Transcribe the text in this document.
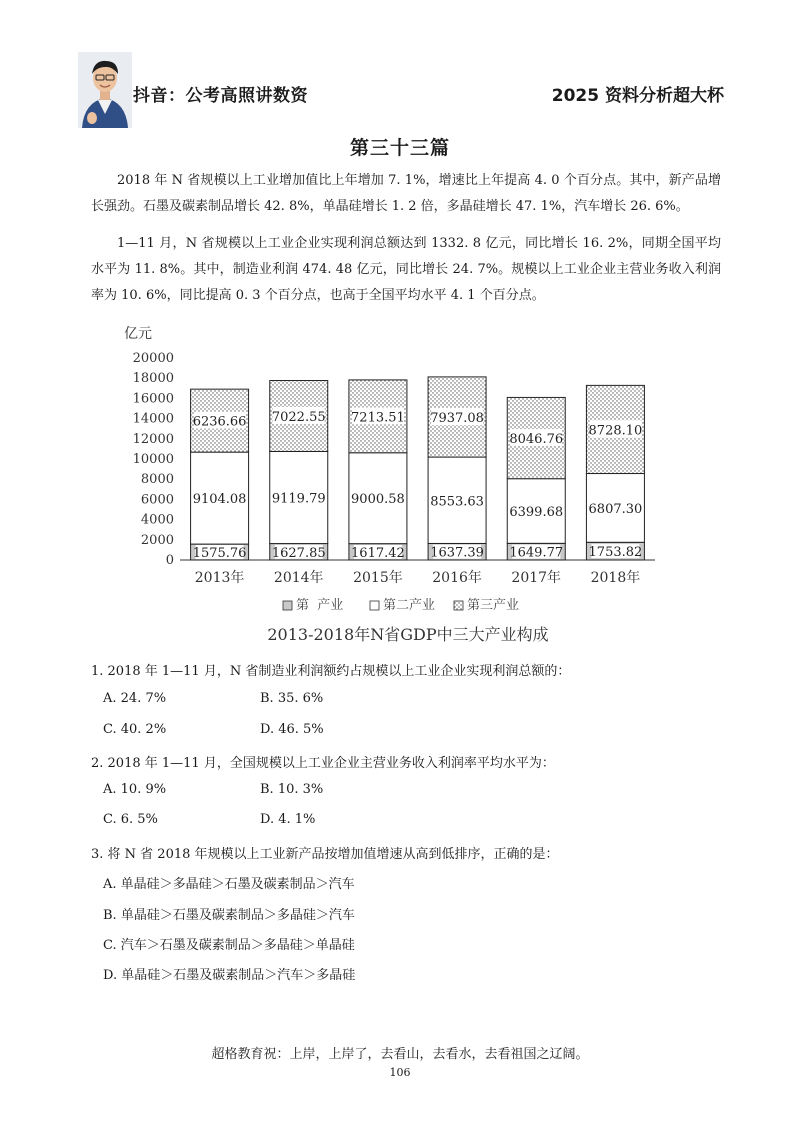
抖音：公考高照讲数资	2025 资料分析超大杯
第三十三篇
2018 年 N 省规模以上工业增加值比上年增加 7. 1%，增速比上年提高 4. 0 个百分点。其中，新产品增长强劲。石墨及碳素制品增长 42. 8%，单晶硅增长 1. 2 倍，多晶硅增长 47. 1%，汽车增长 26. 6%。
1—11 月，N 省规模以上工业企业实现利润总额达到 1332. 8 亿元，同比增长 16. 2%，同期全国平均水平为 11. 8%。其中，制造业利润 474. 48 亿元，同比增长 24. 7%。规模以上工业企业主营业务收入利润率为 10. 6%，同比提高 0. 3 个百分点，也高于全国平均水平 4. 1 个百分点。
亿元
0
2000
4000
6000
8000
10000
12000
14000
16000
18000
20000
1575.76
9104.08
6236.66
1627.85
9119.79
7022.55
1617.42
9000.58
7213.51
1637.39
8553.63
7937.08
1649.77
6399.68
8046.76
1753.82
6807.30
8728.10
2013年 2014年 2015年 2016年 2017年 2018年
第  产业	第二产业 第三产业
2013-2018年N省GDP中三大产业构成
1. 2018 年 1—11 月，N 省制造业利润额约占规模以上工业企业实现利润总额的：
A. 24. 7%	B. 35. 6%
C. 40. 2%	D. 46. 5%
2. 2018 年 1—11 月，全国规模以上工业企业主营业务收入利润率平均水平为：
A. 10. 9%	B. 10. 3%
C. 6. 5%	D. 4. 1%
3. 将 N 省 2018 年规模以上工业新产品按增加值增速从高到低排序，正确的是：
A. 单晶硅＞多晶硅＞石墨及碳素制品＞汽车
B. 单晶硅＞石墨及碳素制品＞多晶硅＞汽车
C. 汽车＞石墨及碳素制品＞多晶硅＞单晶硅
D. 单晶硅＞石墨及碳素制品＞汽车＞多晶硅
超格教育祝：上岸，上岸了，去看山，去看水，去看祖国之辽阔。
106
